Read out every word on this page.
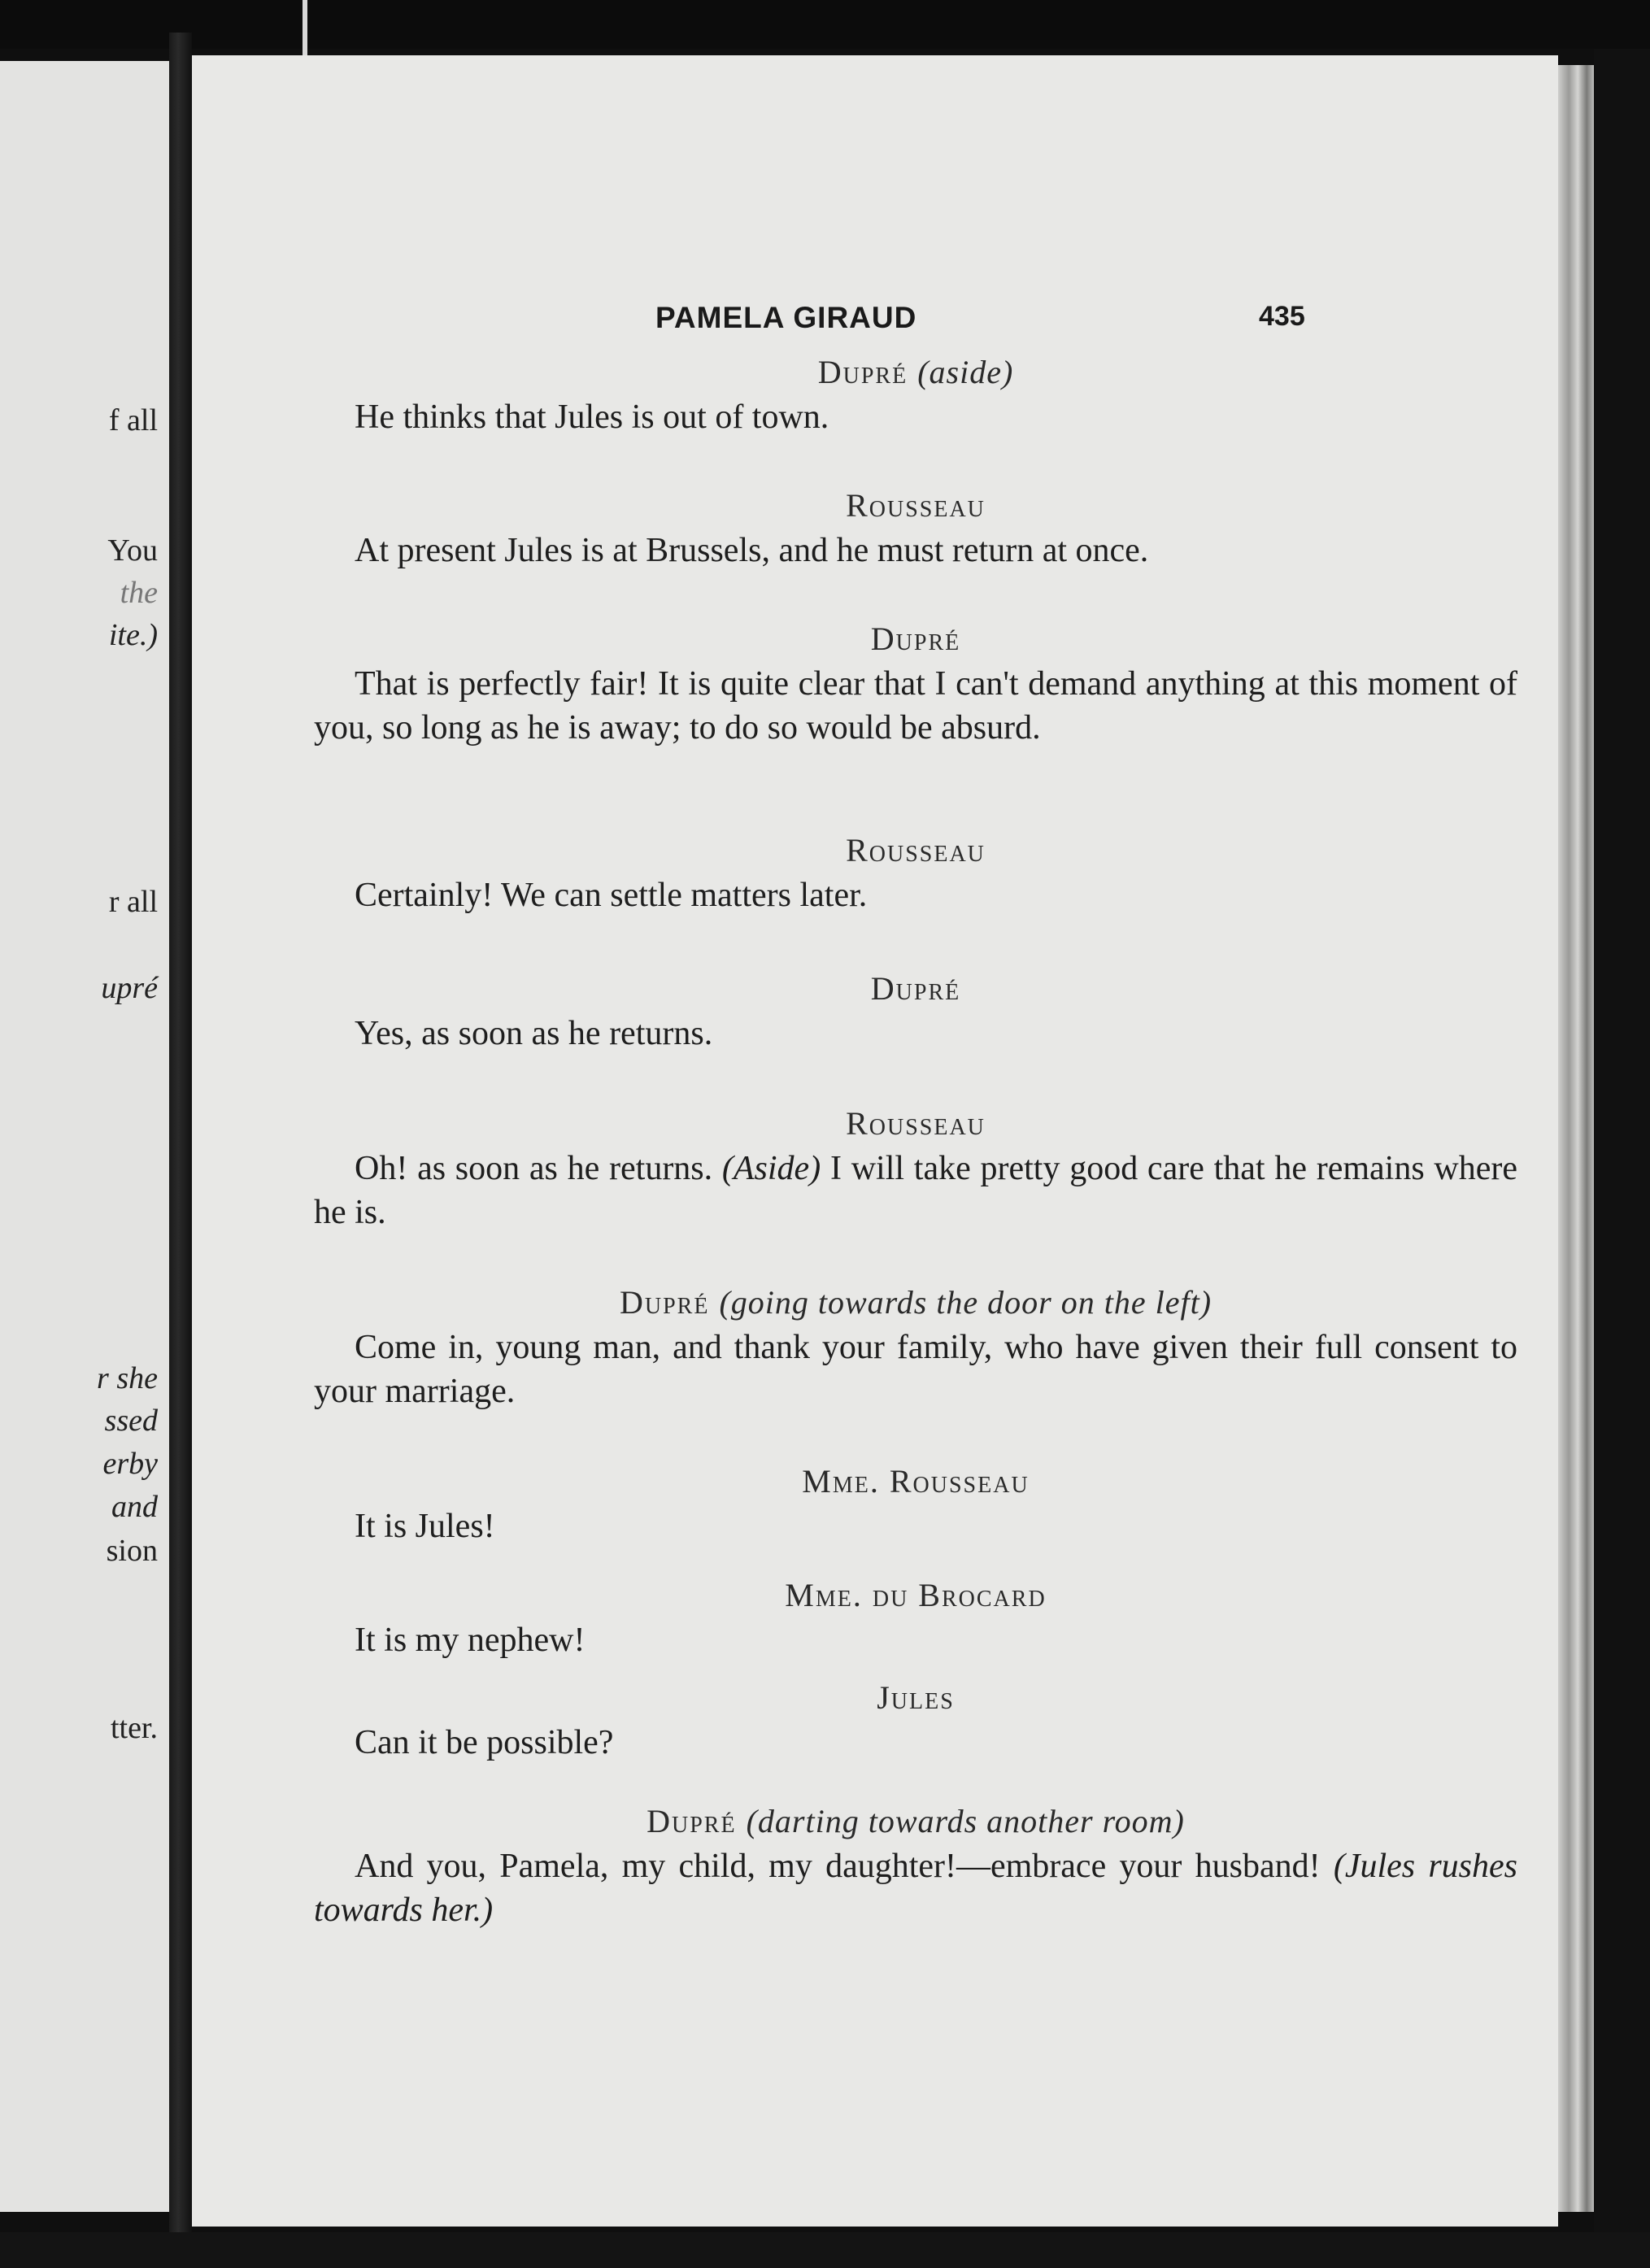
f all
You
the
ite.)
r all
upré
r she
ssed
erby
and
sion
tter.
PAMELA GIRAUD	435
Dupré (aside)
He thinks that Jules is out of town.
Rousseau
At present Jules is at Brussels, and he must return at once.
Dupré
That is perfectly fair! It is quite clear that I can't demand anything at this moment of you, so long as he is away; to do so would be absurd.
Rousseau
Certainly! We can settle matters later.
Dupré
Yes, as soon as he returns.
Rousseau
Oh! as soon as he returns. (Aside) I will take pretty good care that he remains where he is.
Dupré (going towards the door on the left)
Come in, young man, and thank your family, who have given their full consent to your marriage.
Mme. Rousseau
It is Jules!
Mme. du Brocard
It is my nephew!
Jules
Can it be possible?
Dupré (darting towards another room)
And you, Pamela, my child, my daughter!—embrace your husband! (Jules rushes towards her.)
